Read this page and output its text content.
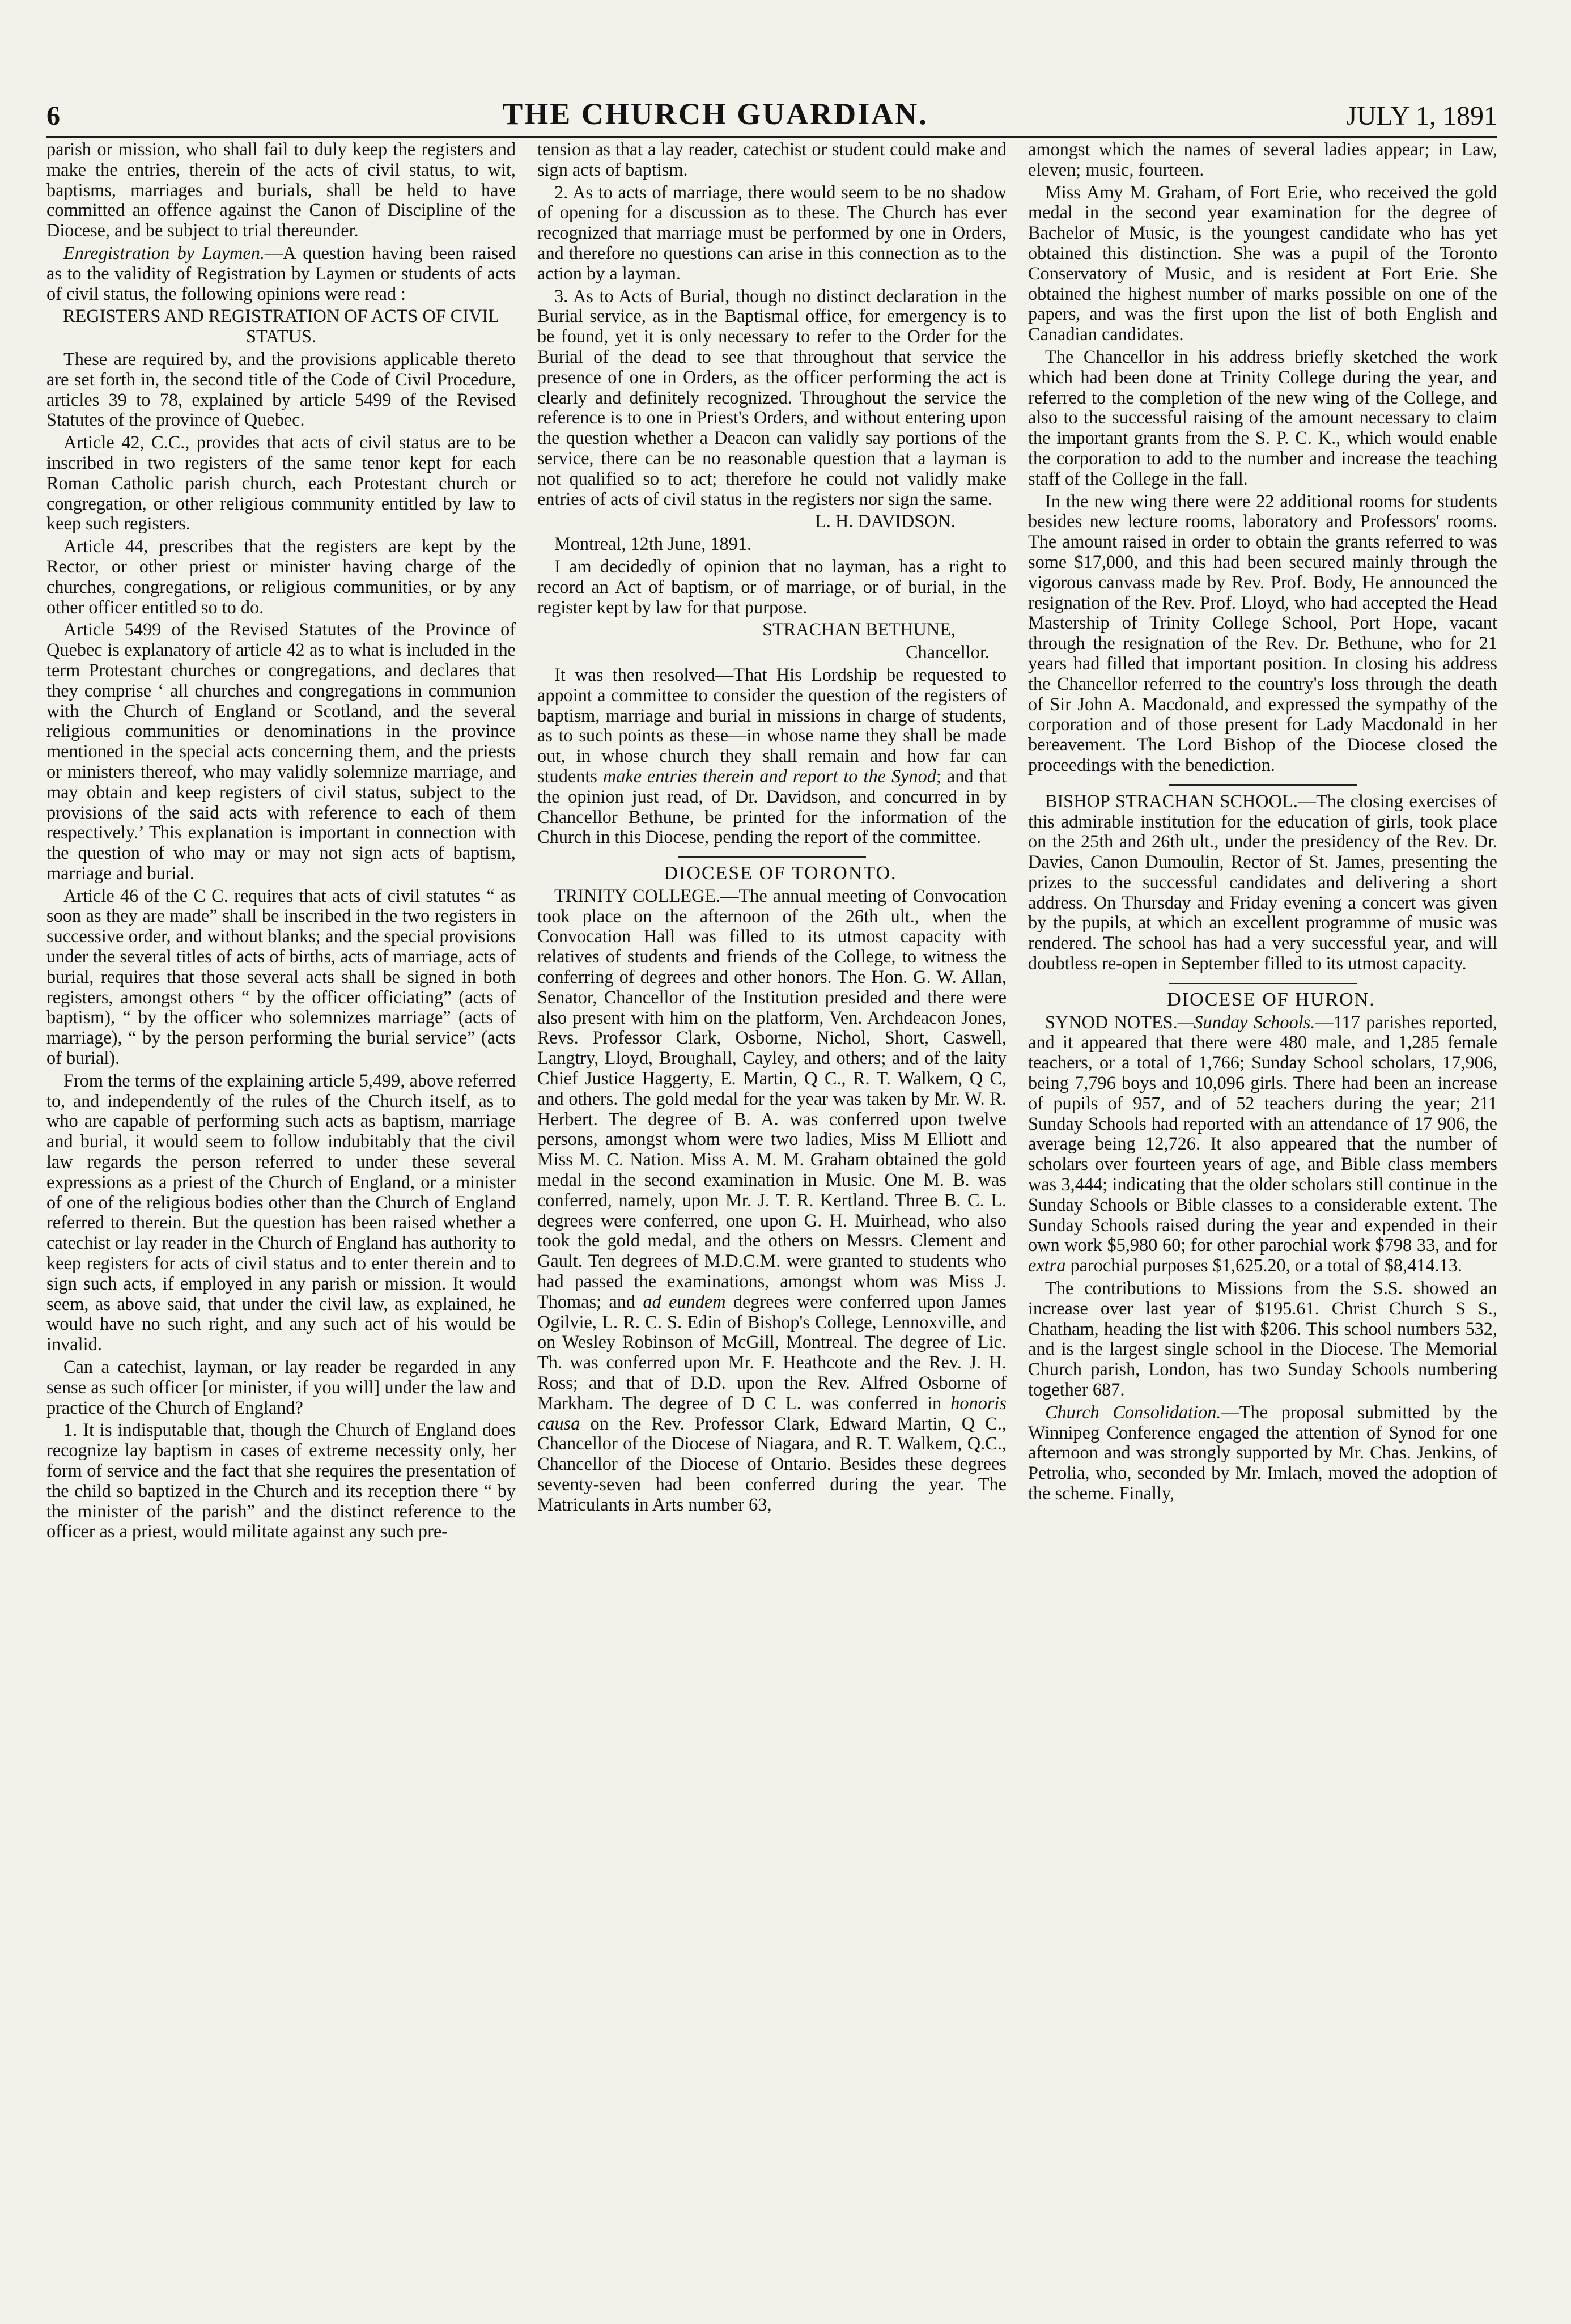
6	THE CHURCH GUARDIAN.	JULY 1, 1891

parish or mission, who shall fail to duly keep the registers and make the entries, therein of the acts of civil status, to wit, baptisms, marriages and burials, shall be held to have committed an offence against the Canon of Discipline of the Diocese, and be subject to trial thereunder.

Enregistration by Laymen.—A question having been raised as to the validity of Registration by Laymen or students of acts of civil status, the following opinions were read :

REGISTERS AND REGISTRATION OF ACTS OF CIVIL STATUS.

These are required by, and the provisions applicable thereto are set forth in, the second title of the Code of Civil Procedure, articles 39 to 78, explained by article 5499 of the Revised Statutes of the province of Quebec.

Article 42, C.C., provides that acts of civil status are to be inscribed in two registers of the same tenor kept for each Roman Catholic parish church, each Protestant church or congregation, or other religious community entitled by law to keep such registers.

Article 44, prescribes that the registers are kept by the Rector, or other priest or minister having charge of the churches, congregations, or religious communities, or by any other officer entitled so to do.

Article 5499 of the Revised Statutes of the Province of Quebec is explanatory of article 42 as to what is included in the term Protestant churches or congregations, and declares that they comprise ‘ all churches and congregations in communion with the Church of England or Scotland, and the several religious communities or denominations in the province mentioned in the special acts concerning them, and the priests or ministers thereof, who may validly solemnize marriage, and may obtain and keep registers of civil status, subject to the provisions of the said acts with reference to each of them respectively.’ This explanation is important in connection with the question of who may or may not sign acts of baptism, marriage and burial.

Article 46 of the C C. requires that acts of civil statutes “ as soon as they are made” shall be inscribed in the two registers in successive order, and without blanks; and the special provisions under the several titles of acts of births, acts of marriage, acts of burial, requires that those several acts shall be signed in both registers, amongst others “ by the officer officiating” (acts of baptism), “ by the officer who solemnizes marriage” (acts of marriage), “ by the person performing the burial service” (acts of burial).

From the terms of the explaining article 5,499, above referred to, and independently of the rules of the Church itself, as to who are capable of performing such acts as baptism, marriage and burial, it would seem to follow indubitably that the civil law regards the person referred to under these several expressions as a priest of the Church of England, or a minister of one of the religious bodies other than the Church of England referred to therein. But the question has been raised whether a catechist or lay reader in the Church of England has authority to keep registers for acts of civil status and to enter therein and to sign such acts, if employed in any parish or mission. It would seem, as above said, that under the civil law, as explained, he would have no such right, and any such act of his would be invalid.

Can a catechist, layman, or lay reader be regarded in any sense as such officer [or minister, if you will] under the law and practice of the Church of England?

1. It is indisputable that, though the Church of England does recognize lay baptism in cases of extreme necessity only, her form of service and the fact that she requires the presentation of the child so baptized in the Church and its reception there “ by the minister of the parish” and the distinct reference to the officer as a priest, would militate against any such pre-

tension as that a lay reader, catechist or student could make and sign acts of baptism.

2. As to acts of marriage, there would seem to be no shadow of opening for a discussion as to these. The Church has ever recognized that marriage must be performed by one in Orders, and therefore no questions can arise in this connection as to the action by a layman.

3. As to Acts of Burial, though no distinct declaration in the Burial service, as in the Baptismal office, for emergency is to be found, yet it is only necessary to refer to the Order for the Burial of the dead to see that throughout that service the presence of one in Orders, as the officer performing the act is clearly and definitely recognized. Throughout the service the reference is to one in Priest's Orders, and without entering upon the question whether a Deacon can validly say portions of the service, there can be no reasonable question that a layman is not qualified so to act; therefore he could not validly make entries of acts of civil status in the registers nor sign the same.

L. H. DAVIDSON.

Montreal, 12th June, 1891.

I am decidedly of opinion that no layman, has a right to record an Act of baptism, or of marriage, or of burial, in the register kept by law for that purpose.

STRACHAN BETHUNE,

Chancellor.

It was then resolved—That His Lordship be requested to appoint a committee to consider the question of the registers of baptism, marriage and burial in missions in charge of students, as to such points as these—in whose name they shall be made out, in whose church they shall remain and how far can students make entries therein and report to the Synod; and that the opinion just read, of Dr. Davidson, and concurred in by Chancellor Bethune, be printed for the information of the Church in this Diocese, pending the report of the committee.

DIOCESE OF TORONTO.

TRINITY COLLEGE.—The annual meeting of Convocation took place on the afternoon of the 26th ult., when the Convocation Hall was filled to its utmost capacity with relatives of students and friends of the College, to witness the conferring of degrees and other honors. The Hon. G. W. Allan, Senator, Chancellor of the Institution presided and there were also present with him on the platform, Ven. Archdeacon Jones, Revs. Professor Clark, Osborne, Nichol, Short, Caswell, Langtry, Lloyd, Broughall, Cayley, and others; and of the laity Chief Justice Haggerty, E. Martin, Q C., R. T. Walkem, Q C, and others. The gold medal for the year was taken by Mr. W. R. Herbert. The degree of B. A. was conferred upon twelve persons, amongst whom were two ladies, Miss M Elliott and Miss M. C. Nation. Miss A. M. M. Graham obtained the gold medal in the second examination in Music. One M. B. was conferred, namely, upon Mr. J. T. R. Kertland. Three B. C. L. degrees were conferred, one upon G. H. Muirhead, who also took the gold medal, and the others on Messrs. Clement and Gault. Ten degrees of M.D.C.M. were granted to students who had passed the examinations, amongst whom was Miss J. Thomas; and ad eundem degrees were conferred upon James Ogilvie, L. R. C. S. Edin of Bishop's College, Lennoxville, and on Wesley Robinson of McGill, Montreal. The degree of Lic. Th. was conferred upon Mr. F. Heathcote and the Rev. J. H. Ross; and that of D.D. upon the Rev. Alfred Osborne of Markham. The degree of D C L. was conferred in honoris causa on the Rev. Professor Clark, Edward Martin, Q C., Chancellor of the Diocese of Niagara, and R. T. Walkem, Q.C., Chancellor of the Diocese of Ontario. Besides these degrees seventy-seven had been conferred during the year. The Matriculants in Arts number 63,

amongst which the names of several ladies appear; in Law, eleven; music, fourteen.

Miss Amy M. Graham, of Fort Erie, who received the gold medal in the second year examination for the degree of Bachelor of Music, is the youngest candidate who has yet obtained this distinction. She was a pupil of the Toronto Conservatory of Music, and is resident at Fort Erie. She obtained the highest number of marks possible on one of the papers, and was the first upon the list of both English and Canadian candidates.

The Chancellor in his address briefly sketched the work which had been done at Trinity College during the year, and referred to the completion of the new wing of the College, and also to the successful raising of the amount necessary to claim the important grants from the S. P. C. K., which would enable the corporation to add to the number and increase the teaching staff of the College in the fall.

In the new wing there were 22 additional rooms for students besides new lecture rooms, laboratory and Professors' rooms. The amount raised in order to obtain the grants referred to was some $17,000, and this had been secured mainly through the vigorous canvass made by Rev. Prof. Body, He announced the resignation of the Rev. Prof. Lloyd, who had accepted the Head Mastership of Trinity College School, Port Hope, vacant through the resignation of the Rev. Dr. Bethune, who for 21 years had filled that important position. In closing his address the Chancellor referred to the country's loss through the death of Sir John A. Macdonald, and expressed the sympathy of the corporation and of those present for Lady Macdonald in her bereavement. The Lord Bishop of the Diocese closed the proceedings with the benediction.

BISHOP STRACHAN SCHOOL.—The closing exercises of this admirable institution for the education of girls, took place on the 25th and 26th ult., under the presidency of the Rev. Dr. Davies, Canon Dumoulin, Rector of St. James, presenting the prizes to the successful candidates and delivering a short address. On Thursday and Friday evening a concert was given by the pupils, at which an excellent programme of music was rendered. The school has had a very successful year, and will doubtless re-open in September filled to its utmost capacity.

DIOCESE OF HURON.

SYNOD NOTES.—Sunday Schools.—117 parishes reported, and it appeared that there were 480 male, and 1,285 female teachers, or a total of 1,766; Sunday School scholars, 17,906, being 7,796 boys and 10,096 girls. There had been an increase of pupils of 957, and of 52 teachers during the year; 211 Sunday Schools had reported with an attendance of 17 906, the average being 12,726. It also appeared that the number of scholars over fourteen years of age, and Bible class members was 3,444; indicating that the older scholars still continue in the Sunday Schools or Bible classes to a considerable extent. The Sunday Schools raised during the year and expended in their own work $5,980 60; for other parochial work $798 33, and for extra parochial purposes $1,625.20, or a total of $8,414.13.

The contributions to Missions from the S.S. showed an increase over last year of $195.61. Christ Church S S., Chatham, heading the list with $206. This school numbers 532, and is the largest single school in the Diocese. The Memorial Church parish, London, has two Sunday Schools numbering together 687.

Church Consolidation.—The proposal submitted by the Winnipeg Conference engaged the attention of Synod for one afternoon and was strongly supported by Mr. Chas. Jenkins, of Petrolia, who, seconded by Mr. Imlach, moved the adoption of the scheme. Finally,
